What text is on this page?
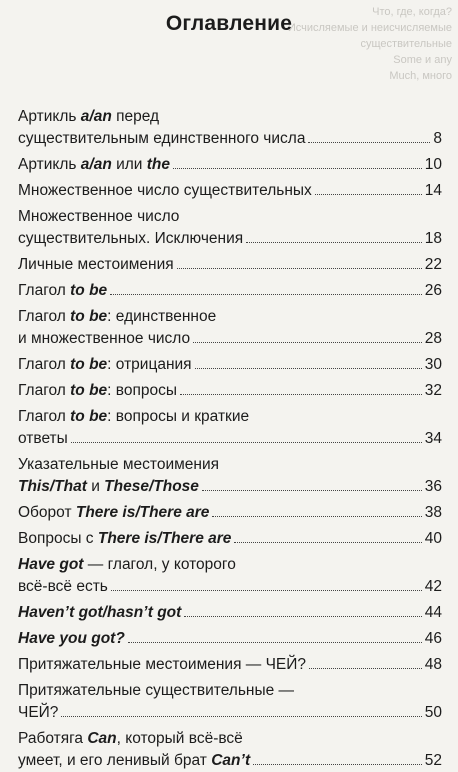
Что, где, когда?
Исчисляемые и неисчисляемые
существительные
Some и any
Much, много
Оглавление
Артикль a/an перед
существительным единственного числа	8
Артикль a/an или the	10
Множественное число существительных	14
Множественное число
существительных. Исключения	18
Личные местоимения	22
Глагол to be	26
Глагол to be: единственное
и множественное число	28
Глагол to be: отрицания	30
Глагол to be: вопросы	32
Глагол to be: вопросы и краткие
ответы	34
Указательные местоимения
This/That и These/Those	36
Оборот There is/There are	38
Вопросы с There is/There are	40
Have got — глагол, у которого
всё-всё есть	42
Haven’t got/hasn’t got	44
Have you got?	46
Притяжательные местоимения — ЧЕЙ?	48
Притяжательные существительные —
ЧЕЙ?	50
Работяга Can, который всё-всё
умеет, и его ленивый брат Can’t	52
